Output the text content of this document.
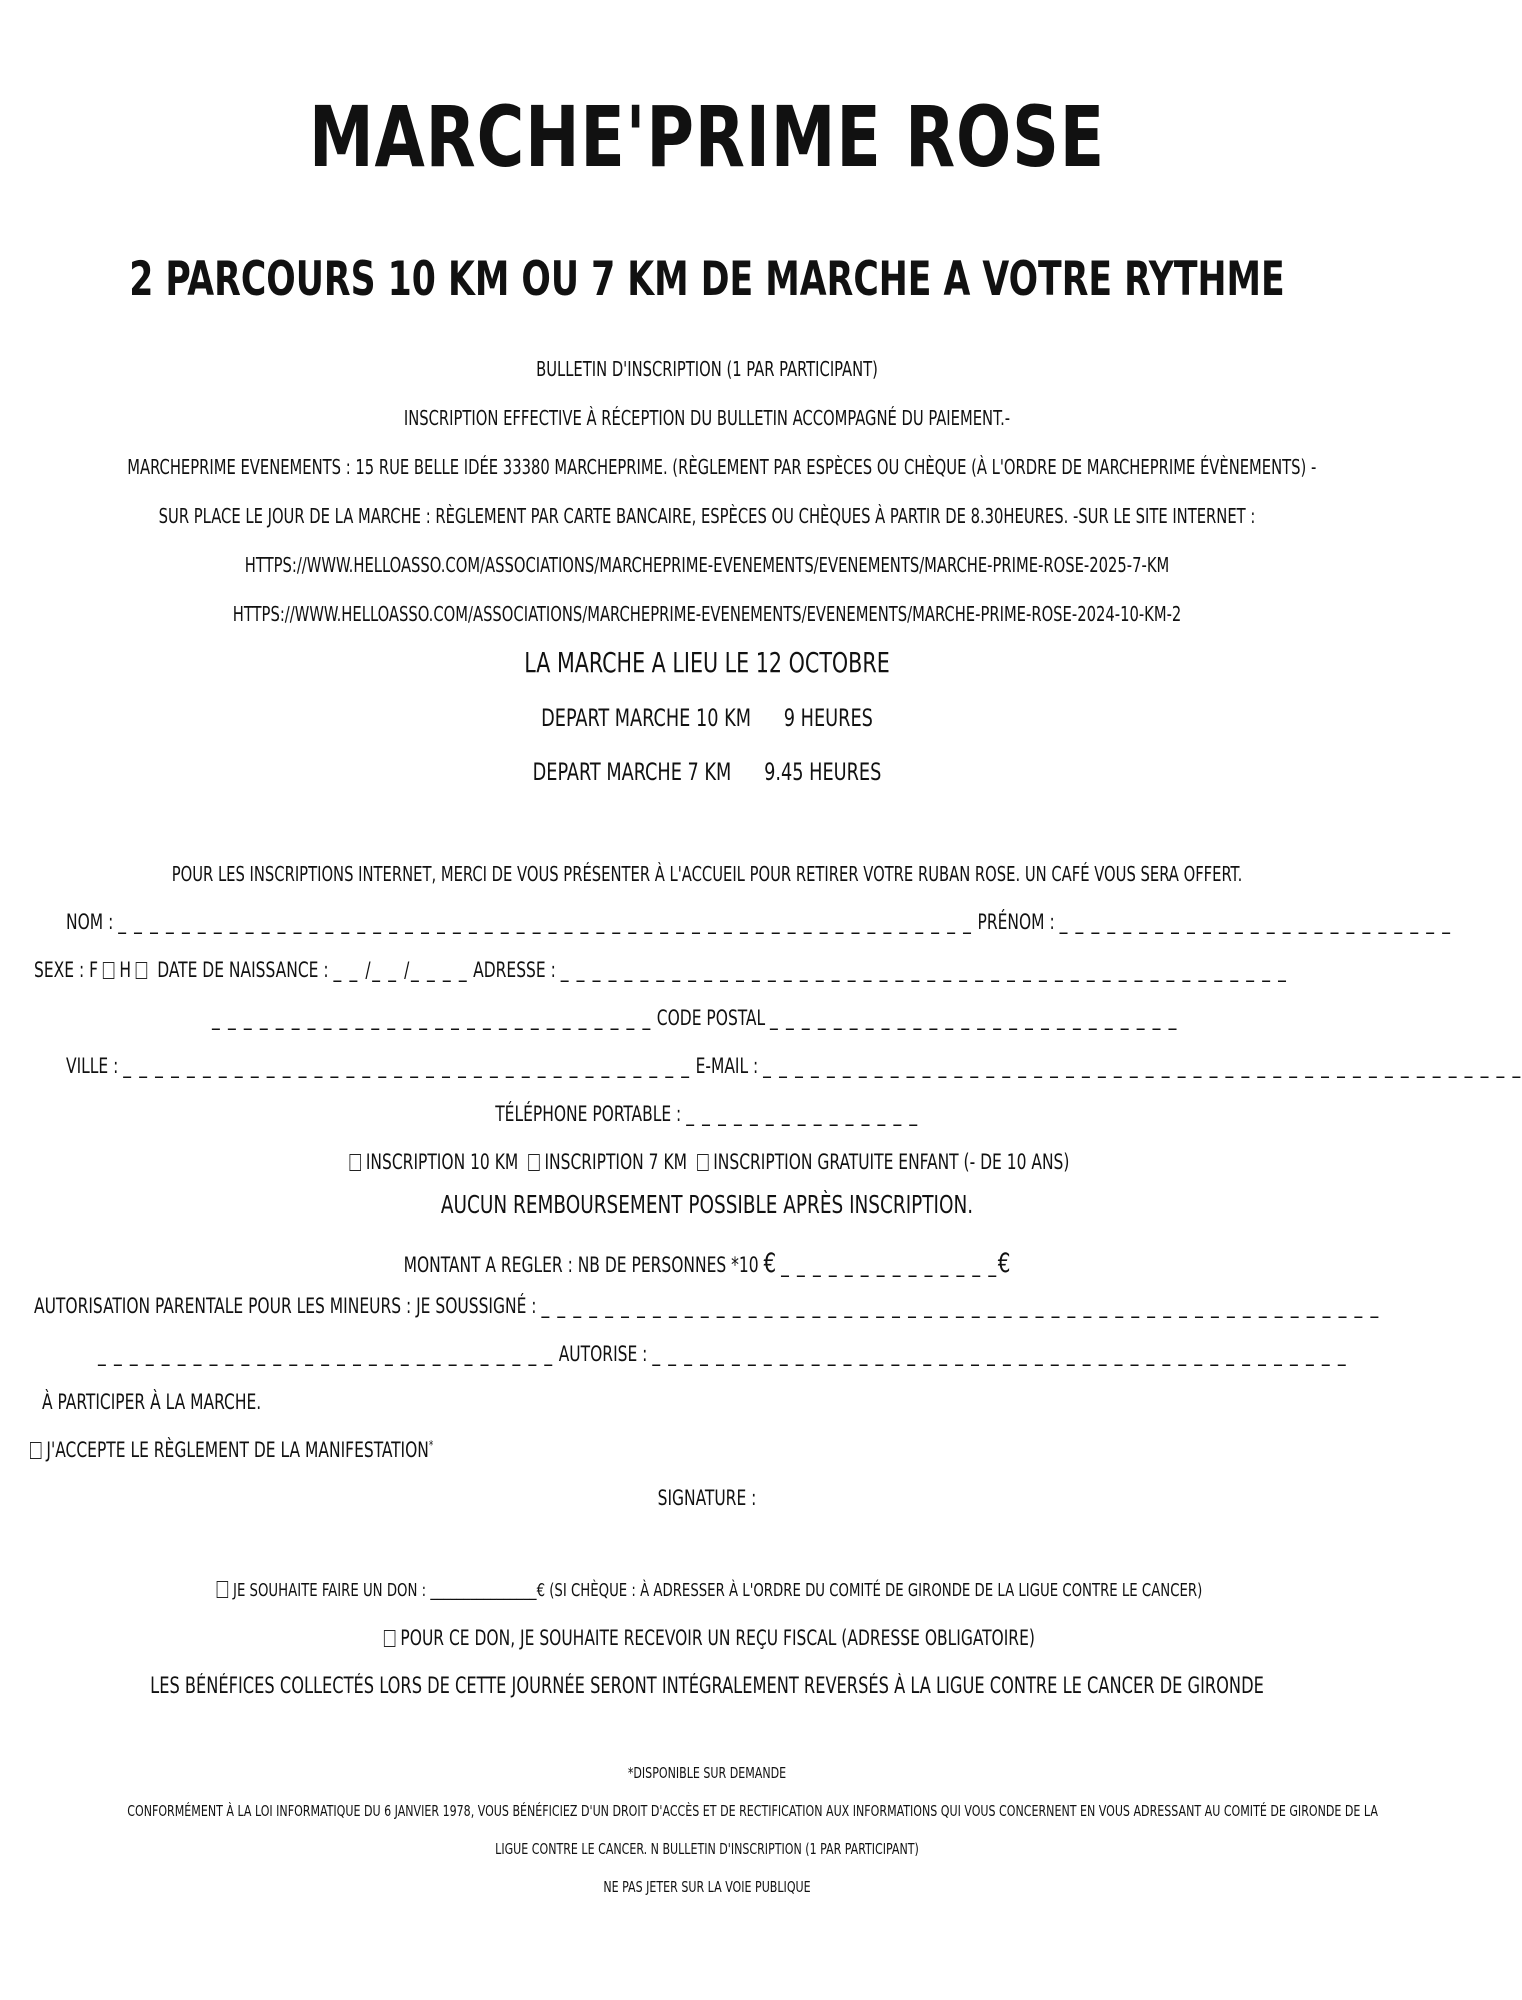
MARCHE'PRIME ROSE
2 PARCOURS 10 KM OU 7 KM DE MARCHE A VOTRE RYTHME
BULLETIN D'INSCRIPTION (1 PAR PARTICIPANT)
INSCRIPTION EFFECTIVE À RÉCEPTION DU BULLETIN ACCOMPAGNÉ DU PAIEMENT.-
MARCHEPRIME EVENEMENTS : 15 RUE BELLE IDÉE 33380 MARCHEPRIME. (RÈGLEMENT PAR ESPÈCES OU CHÈQUE (À L'ORDRE DE MARCHEPRIME ÉVÈNEMENTS) -
SUR PLACE LE JOUR DE LA MARCHE : RÈGLEMENT PAR CARTE BANCAIRE, ESPÈCES OU CHÈQUES À PARTIR DE 8.30HEURES. -SUR LE SITE INTERNET :
HTTPS://WWW.HELLOASSO.COM/ASSOCIATIONS/MARCHEPRIME-EVENEMENTS/EVENEMENTS/MARCHE-PRIME-ROSE-2025-7-KM
HTTPS://WWW.HELLOASSO.COM/ASSOCIATIONS/MARCHEPRIME-EVENEMENTS/EVENEMENTS/MARCHE-PRIME-ROSE-2024-10-KM-2
LA MARCHE A LIEU LE 12 OCTOBRE
DEPART MARCHE 10 KM 9 HEURES
DEPART MARCHE 7 KM 9.45 HEURES
POUR LES INSCRIPTIONS INTERNET, MERCI DE VOUS PRÉSENTER À L'ACCUEIL POUR RETIRER VOTRE RUBAN ROSE. UN CAFÉ VOUS SERA OFFERT.
NOM : _ _ _ _ _ _ _ _ _ _ _ _ _ _ _ _ _ _ _ _ _ _ _ _ _ _ _ _ _ _ _ _ _ _ _ _ _ _ _ _ _ _ _ _ _ _ _ _ _ _ _ _ _ _ PRÉNOM : _ _ _ _ _ _ _ _ _ _ _ _ _ _ _ _ _ _ _ _ _ _ _ _ _
SEXE : F H DATE DE NAISSANCE : _ _ /_ _ /_ _ _ _ ADRESSE : _ _ _ _ _ _ _ _ _ _ _ _ _ _ _ _ _ _ _ _ _ _ _ _ _ _ _ _ _ _ _ _ _ _ _ _ _ _ _ _ _ _ _ _ _ _
_ _ _ _ _ _ _ _ _ _ _ _ _ _ _ _ _ _ _ _ _ _ _ _ _ _ _ _ CODE POSTAL _ _ _ _ _ _ _ _ _ _ _ _ _ _ _ _ _ _ _ _ _ _ _ _ _ _
VILLE : _ _ _ _ _ _ _ _ _ _ _ _ _ _ _ _ _ _ _ _ _ _ _ _ _ _ _ _ _ _ _ _ _ _ _ _ E-MAIL : _ _ _ _ _ _ _ _ _ _ _ _ _ _ _ _ _ _ _ _ _ _ _ _ _ _ _ _ _ _ _ _ _ _ _ _ _ _ _ _ _ _ _ _ _ _ _ _
TÉLÉPHONE PORTABLE : _ _ _ _ _ _ _ _ _ _ _ _ _ _ _
INSCRIPTION 10 KM INSCRIPTION 7 KM INSCRIPTION GRATUITE ENFANT (- DE 10 ANS)
AUCUN REMBOURSEMENT POSSIBLE APRÈS INSCRIPTION.
MONTANT A REGLER : NB DE PERSONNES *10 € _ _ _ _ _ _ _ _ _ _ _ _ _ _€
AUTORISATION PARENTALE POUR LES MINEURS : JE SOUSSIGNÉ : _ _ _ _ _ _ _ _ _ _ _ _ _ _ _ _ _ _ _ _ _ _ _ _ _ _ _ _ _ _ _ _ _ _ _ _ _ _ _ _ _ _ _ _ _ _ _ _ _ _ _ _ _
_ _ _ _ _ _ _ _ _ _ _ _ _ _ _ _ _ _ _ _ _ _ _ _ _ _ _ _ _ AUTORISE : _ _ _ _ _ _ _ _ _ _ _ _ _ _ _ _ _ _ _ _ _ _ _ _ _ _ _ _ _ _ _ _ _ _ _ _ _ _ _ _ _ _ _ _
À PARTICIPER À LA MARCHE.
J'ACCEPTE LE RÈGLEMENT DE LA MANIFESTATION*
SIGNATURE :
JE SOUHAITE FAIRE UN DON : ________________€ (SI CHÈQUE : À ADRESSER À L'ORDRE DU COMITÉ DE GIRONDE DE LA LIGUE CONTRE LE CANCER)
POUR CE DON, JE SOUHAITE RECEVOIR UN REÇU FISCAL (ADRESSE OBLIGATOIRE)
LES BÉNÉFICES COLLECTÉS LORS DE CETTE JOURNÉE SERONT INTÉGRALEMENT REVERSÉS À LA LIGUE CONTRE LE CANCER DE GIRONDE
*DISPONIBLE SUR DEMANDE
CONFORMÉMENT À LA LOI INFORMATIQUE DU 6 JANVIER 1978, VOUS BÉNÉFICIEZ D'UN DROIT D'ACCÈS ET DE RECTIFICATION AUX INFORMATIONS QUI VOUS CONCERNENT EN VOUS ADRESSANT AU COMITÉ DE GIRONDE DE LA
LIGUE CONTRE LE CANCER. N BULLETIN D'INSCRIPTION (1 PAR PARTICIPANT)
NE PAS JETER SUR LA VOIE PUBLIQUE
